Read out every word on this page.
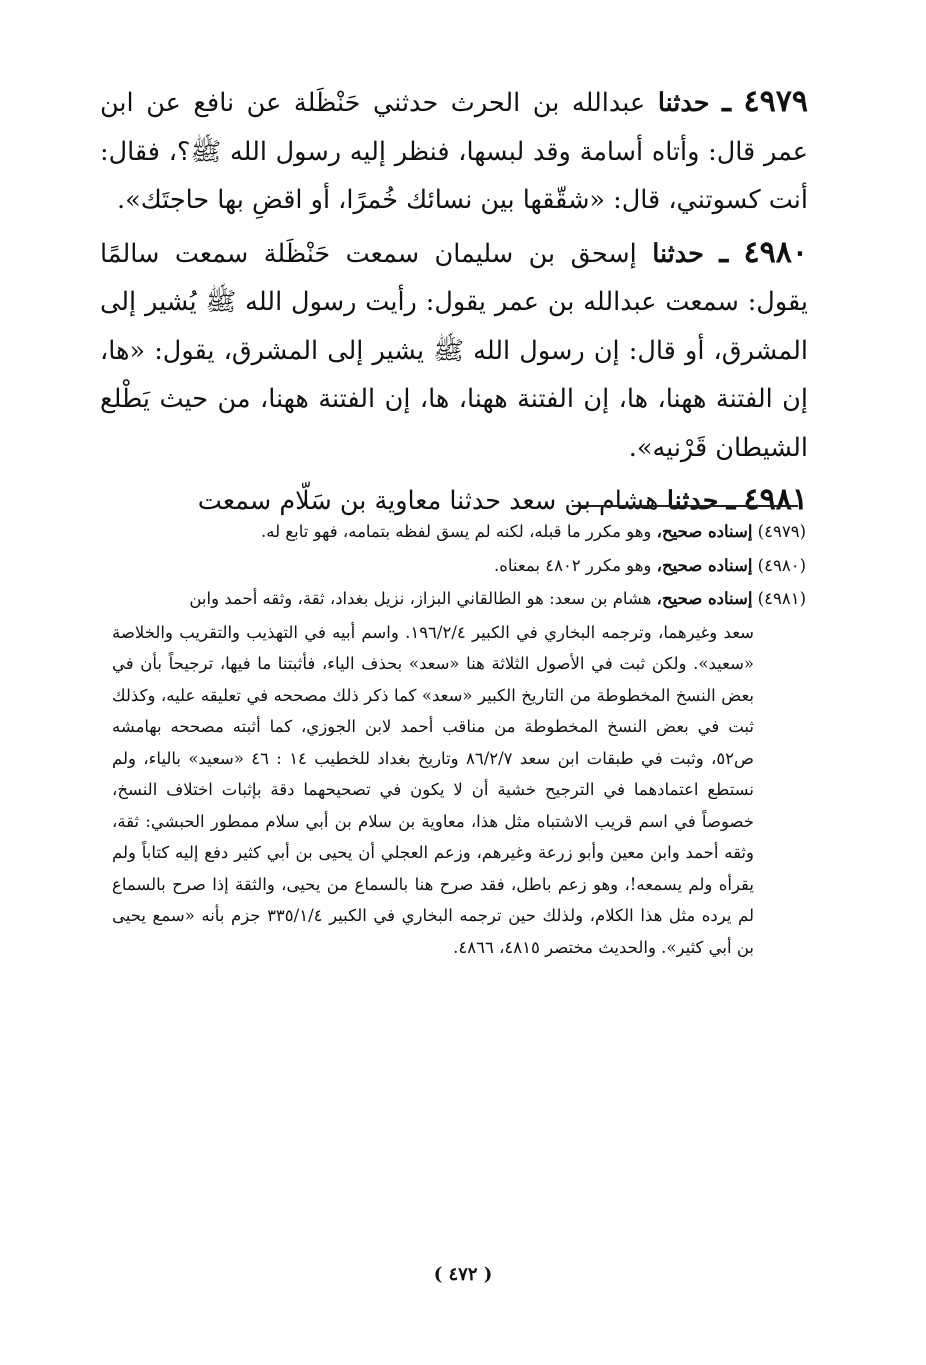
٤٩٧٩ ـ حدثنا عبدالله بن الحرث حدثني حَنْظَلة عن نافع عن ابن عمر قال: وأتاه أسامة وقد لبسها، فنظر إليه رسول الله ﷺ؟، فقال: أنت كسوتني، قال: «شقّقها بين نسائك خُمرًا، أو اقضِ بها حاجتَك».

٤٩٨٠ ـ حدثنا إسحق بن سليمان سمعت حَنْظَلة سمعت سالمًا يقول: سمعت عبدالله بن عمر يقول: رأيت رسول الله ﷺ يُشير إلى المشرق، أو قال: إن رسول الله ﷺ يشير إلى المشرق، يقول: «ها، إن الفتنة ههنا، ها، إن الفتنة ههنا، ها، إن الفتنة ههنا، من حيث يَطْلع الشيطان قَرْنيه».

٤٩٨١ ـ حدثنا هشام بن سعد حدثنا معاوية بن سَلّام سمعت

(٤٩٧٩) إسناده صحيح، وهو مكرر ما قبله، لكنه لم يسق لفظه بتمامه، فهو تابع له.

(٤٩٨٠) إسناده صحيح، وهو مكرر ٤٨٠٢ بمعناه.

(٤٩٨١) إسناده صحيح، هشام بن سعد: هو الطالقاني البزاز، نزيل بغداد، ثقة، وثقه أحمد وابن

سعد وغيرهما، وترجمه البخاري في الكبير ١٩٦/٢/٤. واسم أبيه في التهذيب والتقريب والخلاصة «سعيد». ولكن ثبت في الأصول الثلاثة هنا «سعد» بحذف الياء، فأثبتنا ما فيها، ترجيحاً بأن في بعض النسخ المخطوطة من التاريخ الكبير «سعد» كما ذكر ذلك مصححه في تعليقه عليه، وكذلك ثبت في بعض النسخ المخطوطة من مناقب أحمد لابن الجوزي، كما أثبته مصححه بهامشه ص٥٢، وثبت في طبقات ابن سعد ٨٦/٢/٧ وتاريخ بغداد للخطيب ١٤ : ٤٦ «سعيد» بالياء، ولم نستطع اعتمادهما في الترجيح خشية أن لا يكون في تصحيحهما دقة بإثبات اختلاف النسخ، خصوصاً في اسم قريب الاشتباه مثل هذا، معاوية بن سلام بن أبي سلام ممطور الحبشي: ثقة، وثقه أحمد وابن معين وأبو زرعة وغيرهم، وزعم العجلي أن يحيى بن أبي كثير دفع إليه كتاباً ولم يقرأه ولم يسمعه!، وهو زعم باطل، فقد صرح هنا بالسماع من يحيى، والثقة إذا صرح بالسماع لم يرده مثل هذا الكلام، ولذلك حين ترجمه البخاري في الكبير ٣٣٥/١/٤ جزم بأنه «سمع يحيى بن أبي كثير». والحديث مختصر ٤٨١٥، ٤٨٦٦.

( ٤٧٢ )
